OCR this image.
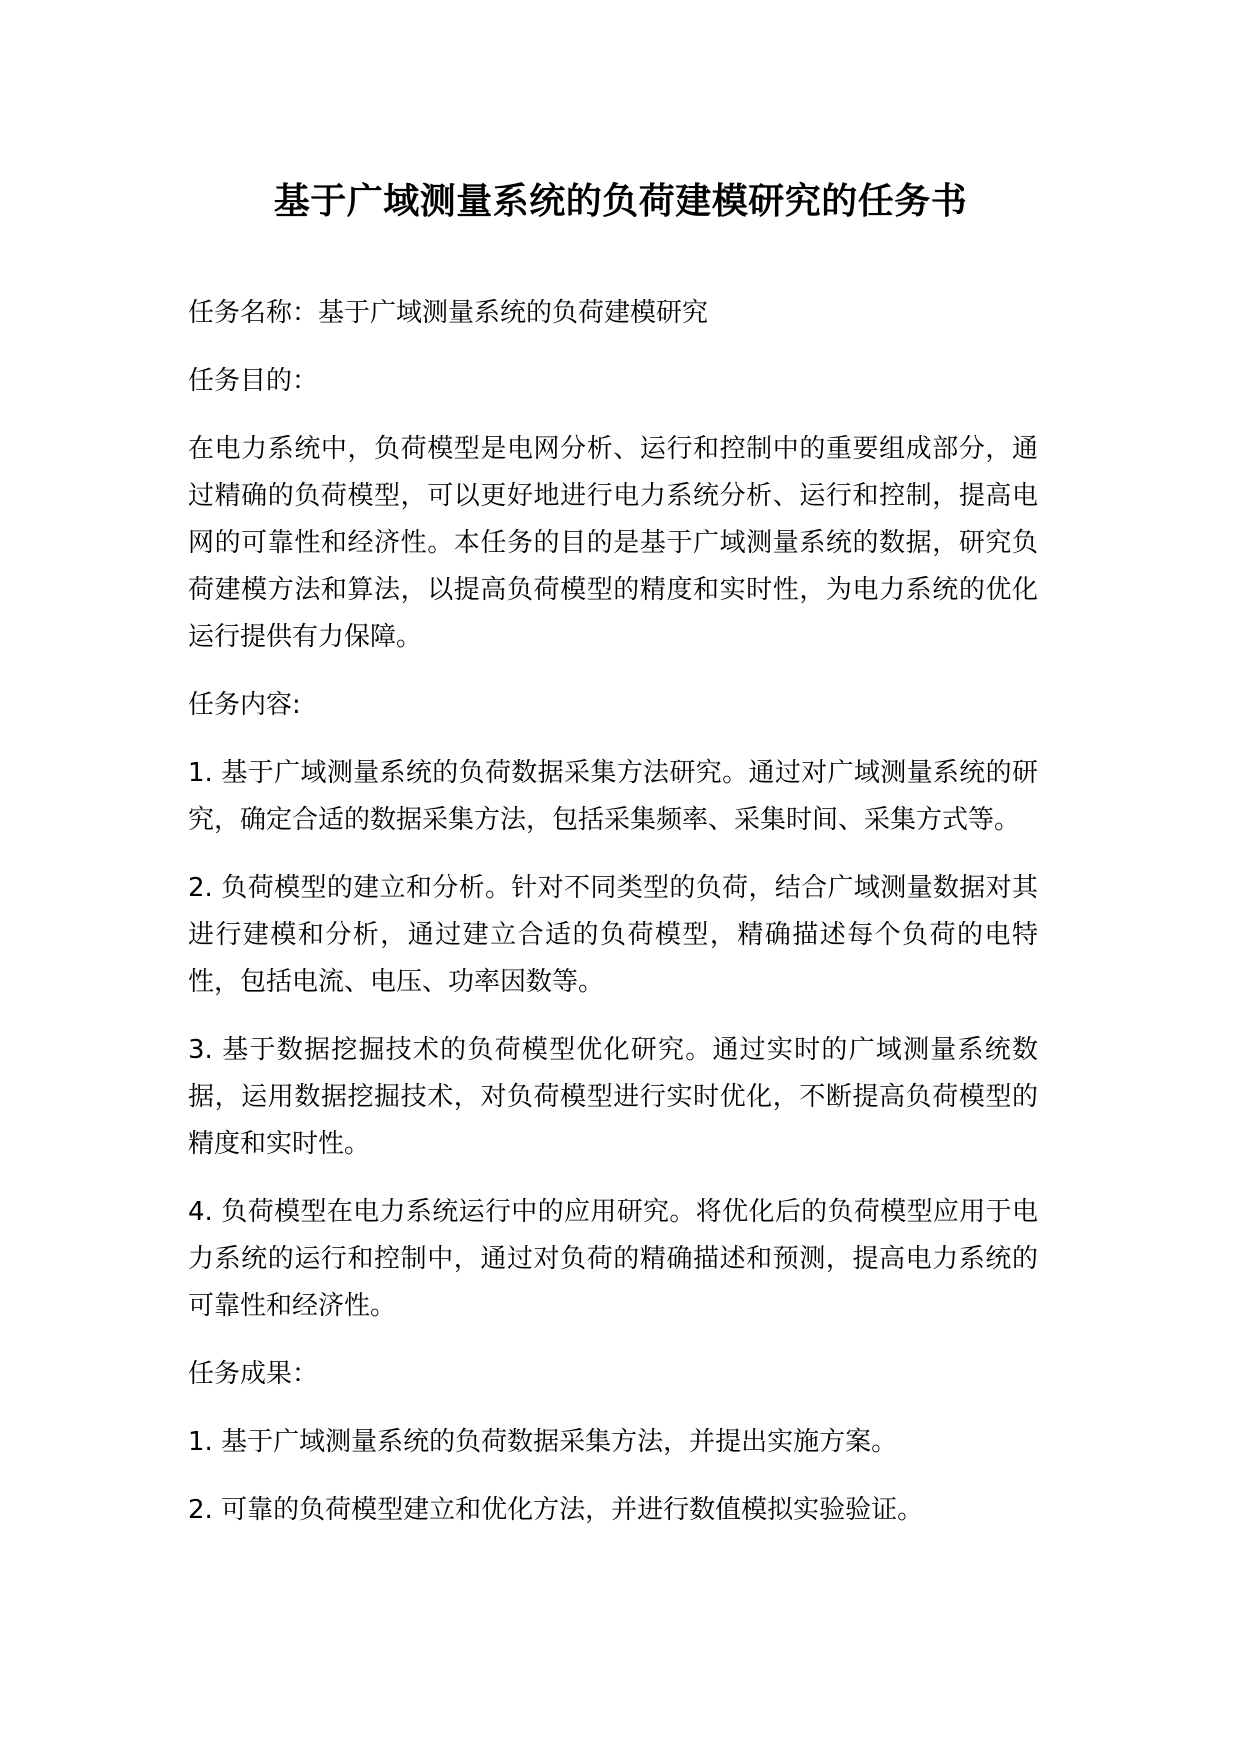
基于广域测量系统的负荷建模研究的任务书

任务名称：基于广域测量系统的负荷建模研究

任务目的：

在电力系统中，负荷模型是电网分析、运行和控制中的重要组成部分，通过精确的负荷模型，可以更好地进行电力系统分析、运行和控制，提高电网的可靠性和经济性。本任务的目的是基于广域测量系统的数据，研究负荷建模方法和算法，以提高负荷模型的精度和实时性，为电力系统的优化运行提供有力保障。

任务内容:

1. 基于广域测量系统的负荷数据采集方法研究。通过对广域测量系统的研究，确定合适的数据采集方法，包括采集频率、采集时间、采集方式等。

2. 负荷模型的建立和分析。针对不同类型的负荷，结合广域测量数据对其进行建模和分析，通过建立合适的负荷模型，精确描述每个负荷的电特性，包括电流、电压、功率因数等。

3. 基于数据挖掘技术的负荷模型优化研究。通过实时的广域测量系统数据，运用数据挖掘技术，对负荷模型进行实时优化，不断提高负荷模型的精度和实时性。

4. 负荷模型在电力系统运行中的应用研究。将优化后的负荷模型应用于电力系统的运行和控制中，通过对负荷的精确描述和预测，提高电力系统的可靠性和经济性。

任务成果：

1. 基于广域测量系统的负荷数据采集方法，并提出实施方案。

2. 可靠的负荷模型建立和优化方法，并进行数值模拟实验验证。
